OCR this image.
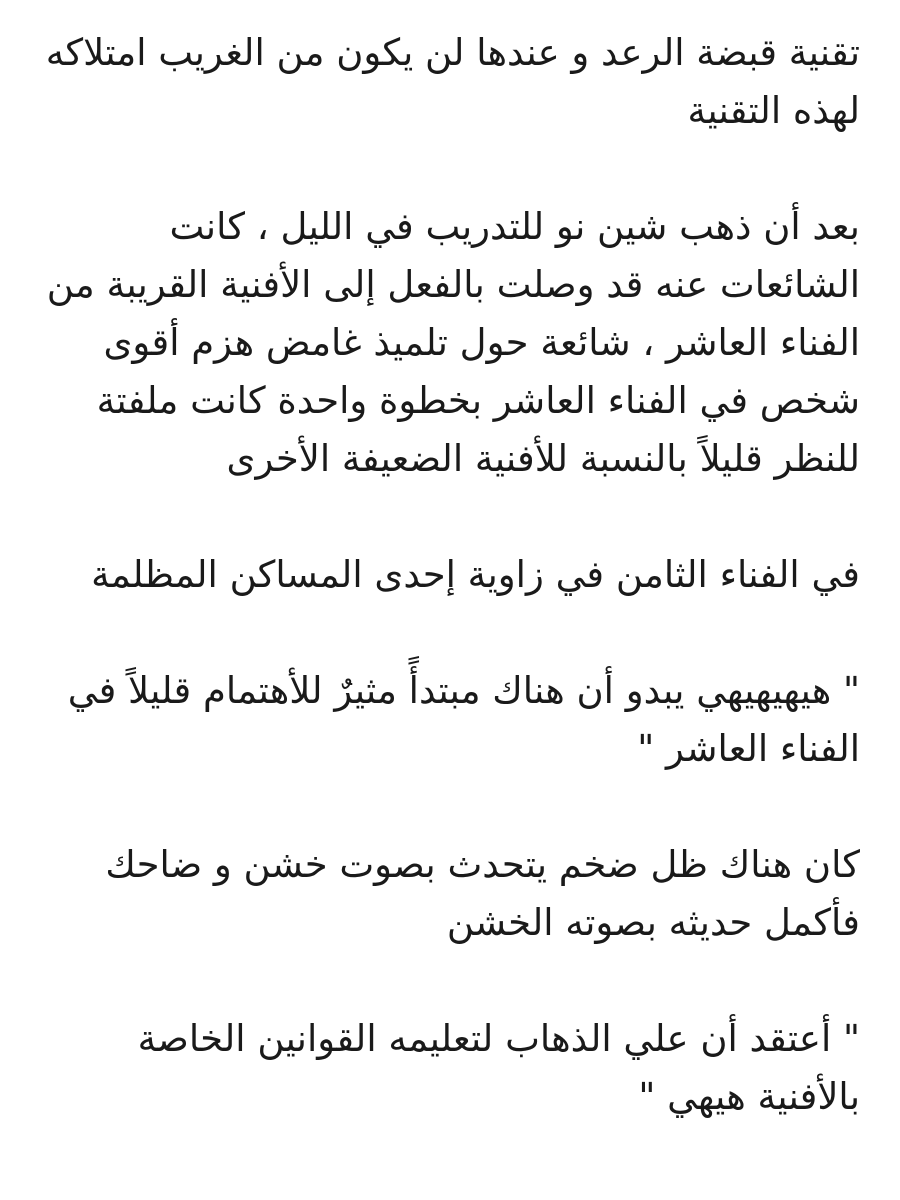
تقنية قبضة الرعد و عندها لن يكون من الغريب امتلاكه
لهذه التقنية

بعد أن ذهب شين نو للتدريب في الليل ، كانت
الشائعات عنه قد وصلت بالفعل إلى الأفنية القريبة من
الفناء العاشر ، شائعة حول تلميذ غامض هزم أقوى
شخص في الفناء العاشر بخطوة واحدة كانت ملفتة
للنظر قليلاً بالنسبة للأفنية الضعيفة الأخرى

في الفناء الثامن في زاوية إحدى المساكن المظلمة

" هيهيهيهي يبدو أن هناك مبتدأً مثيرٌ للأهتمام قليلاً في
الفناء العاشر "

كان هناك ظل ضخم يتحدث بصوت خشن و ضاحك
فأكمل حديثه بصوته الخشن

" أعتقد أن علي الذهاب لتعليمه القوانين الخاصة
بالأفنية هيهي "
